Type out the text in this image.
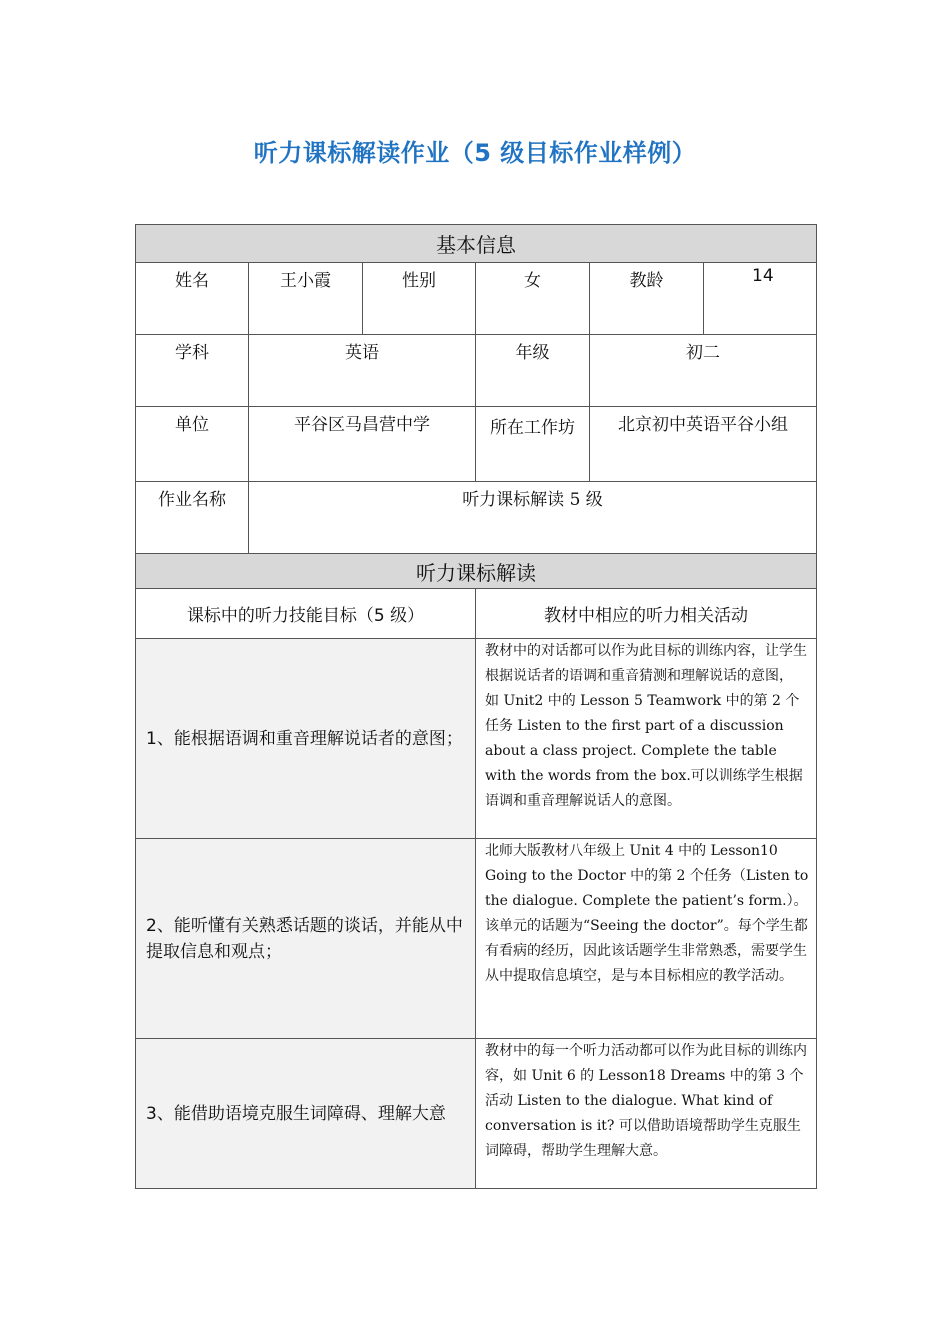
听力课标解读作业（5 级目标作业样例）
基本信息					
姓名	王小霞	性别	女	教龄	14
学科	英语		年级	初二	
单位	平谷区马昌营中学		所在工作坊	北京初中英语平谷小组	
作业名称	听力课标解读 5 级				
听力课标解读					
课标中的听力技能目标（5 级）			教材中相应的听力相关活动		
1、能根据语调和重音理解说话者的意图；			教材中的对话都可以作为此目标的训练内容，让学生根据说话者的语调和重音猜测和理解说话的意图， 如 Unit2 中的 Lesson 5 Teamwork 中的第 2 个任务 Listen to the first part of a discussion about a class project. Complete the table with the words from the box.可以训练学生根据语调和重音理解说话人的意图。		
2、能听懂有关熟悉话题的谈话，并能从中提取信息和观点；			北师大版教材八年级上 Unit 4 中的 Lesson10 Going to the Doctor 中的第 2 个任务（Listen to the dialogue. Complete the patient’s form.）。该单元的话题为“Seeing the doctor”。每个学生都有看病的经历，因此该话题学生非常熟悉，需要学生从中提取信息填空，是与本目标相应的教学活动。		
3、能借助语境克服生词障碍、理解大意			教材中的每一个听力活动都可以作为此目标的训练内容，如 Unit 6 的 Lesson18 Dreams 中的第 3 个活动 Listen to the dialogue. What kind of conversation is it? 可以借助语境帮助学生克服生词障碍，帮助学生理解大意。		
